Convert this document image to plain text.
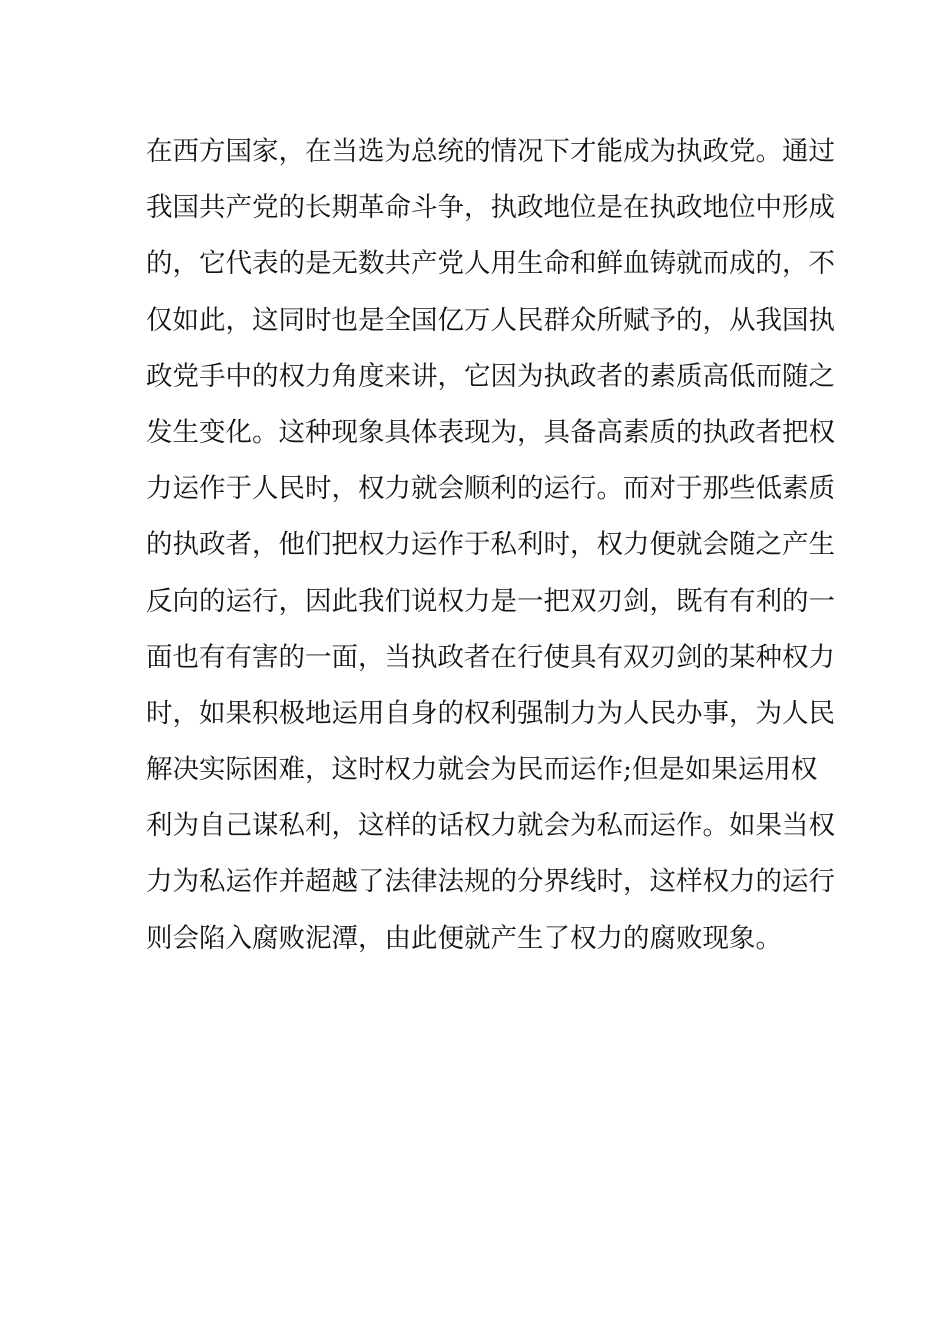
在西方国家，在当选为总统的情况下才能成为执政党。通过
我国共产党的长期革命斗争，执政地位是在执政地位中形成
的，它代表的是无数共产党人用生命和鲜血铸就而成的，不
仅如此，这同时也是全国亿万人民群众所赋予的，从我国执
政党手中的权力角度来讲，它因为执政者的素质高低而随之
发生变化。这种现象具体表现为，具备高素质的执政者把权
力运作于人民时，权力就会顺利的运行。而对于那些低素质
的执政者，他们把权力运作于私利时，权力便就会随之产生
反向的运行，因此我们说权力是一把双刃剑，既有有利的一
面也有有害的一面，当执政者在行使具有双刃剑的某种权力
时，如果积极地运用自身的权利强制力为人民办事，为人民
解决实际困难，这时权力就会为民而运作;但是如果运用权
利为自己谋私利，这样的话权力就会为私而运作。如果当权
力为私运作并超越了法律法规的分界线时，这样权力的运行
则会陷入腐败泥潭，由此便就产生了权力的腐败现象。
